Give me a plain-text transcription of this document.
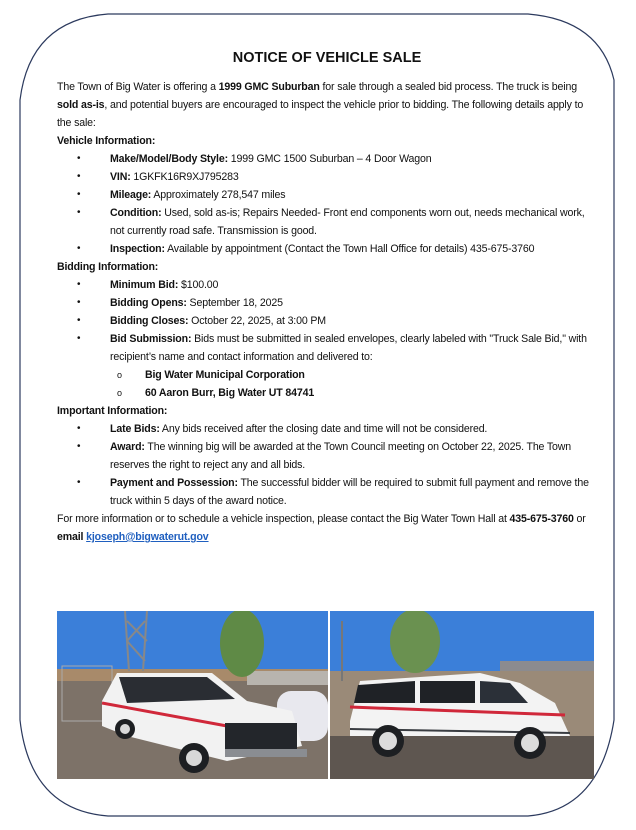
NOTICE OF VEHICLE SALE

The Town of Big Water is offering a 1999 GMC Suburban for sale through a sealed bid process. The truck is being sold as-is, and potential buyers are encouraged to inspect the vehicle prior to bidding. The following details apply to the sale:

Vehicle Information:

•	Make/Model/Body Style: 1999 GMC 1500 Suburban – 4 Door Wagon
•	VIN: 1GKFK16R9XJ795283
•	Mileage: Approximately 278,547 miles
•	Condition: Used, sold as-is; Repairs Needed- Front end components worn out, needs mechanical work, not currently road safe. Transmission is good.
•	Inspection: Available by appointment (Contact the Town Hall Office for details) 435-675-3760

Bidding Information:

•	Minimum Bid: $100.00
•	Bidding Opens: September 18, 2025
•	Bidding Closes: October 22, 2025, at 3:00 PM
•	Bid Submission: Bids must be submitted in sealed envelopes, clearly labeled with "Truck Sale Bid," with recipient’s name and contact information and delivered to:
o Big Water Municipal Corporation
o 60 Aaron Burr, Big Water UT 84741

Important Information:

•	Late Bids: Any bids received after the closing date and time will not be considered.
•	Award: The winning big will be awarded at the Town Council meeting on October 22, 2025. The Town reserves the right to reject any and all bids.
•	Payment and Possession: The successful bidder will be required to submit full payment and remove the truck within 5 days of the award notice.

For more information or to schedule a vehicle inspection, please contact the Big Water Town Hall at 435-675-3760 or email kjoseph@bigwaterut.gov
